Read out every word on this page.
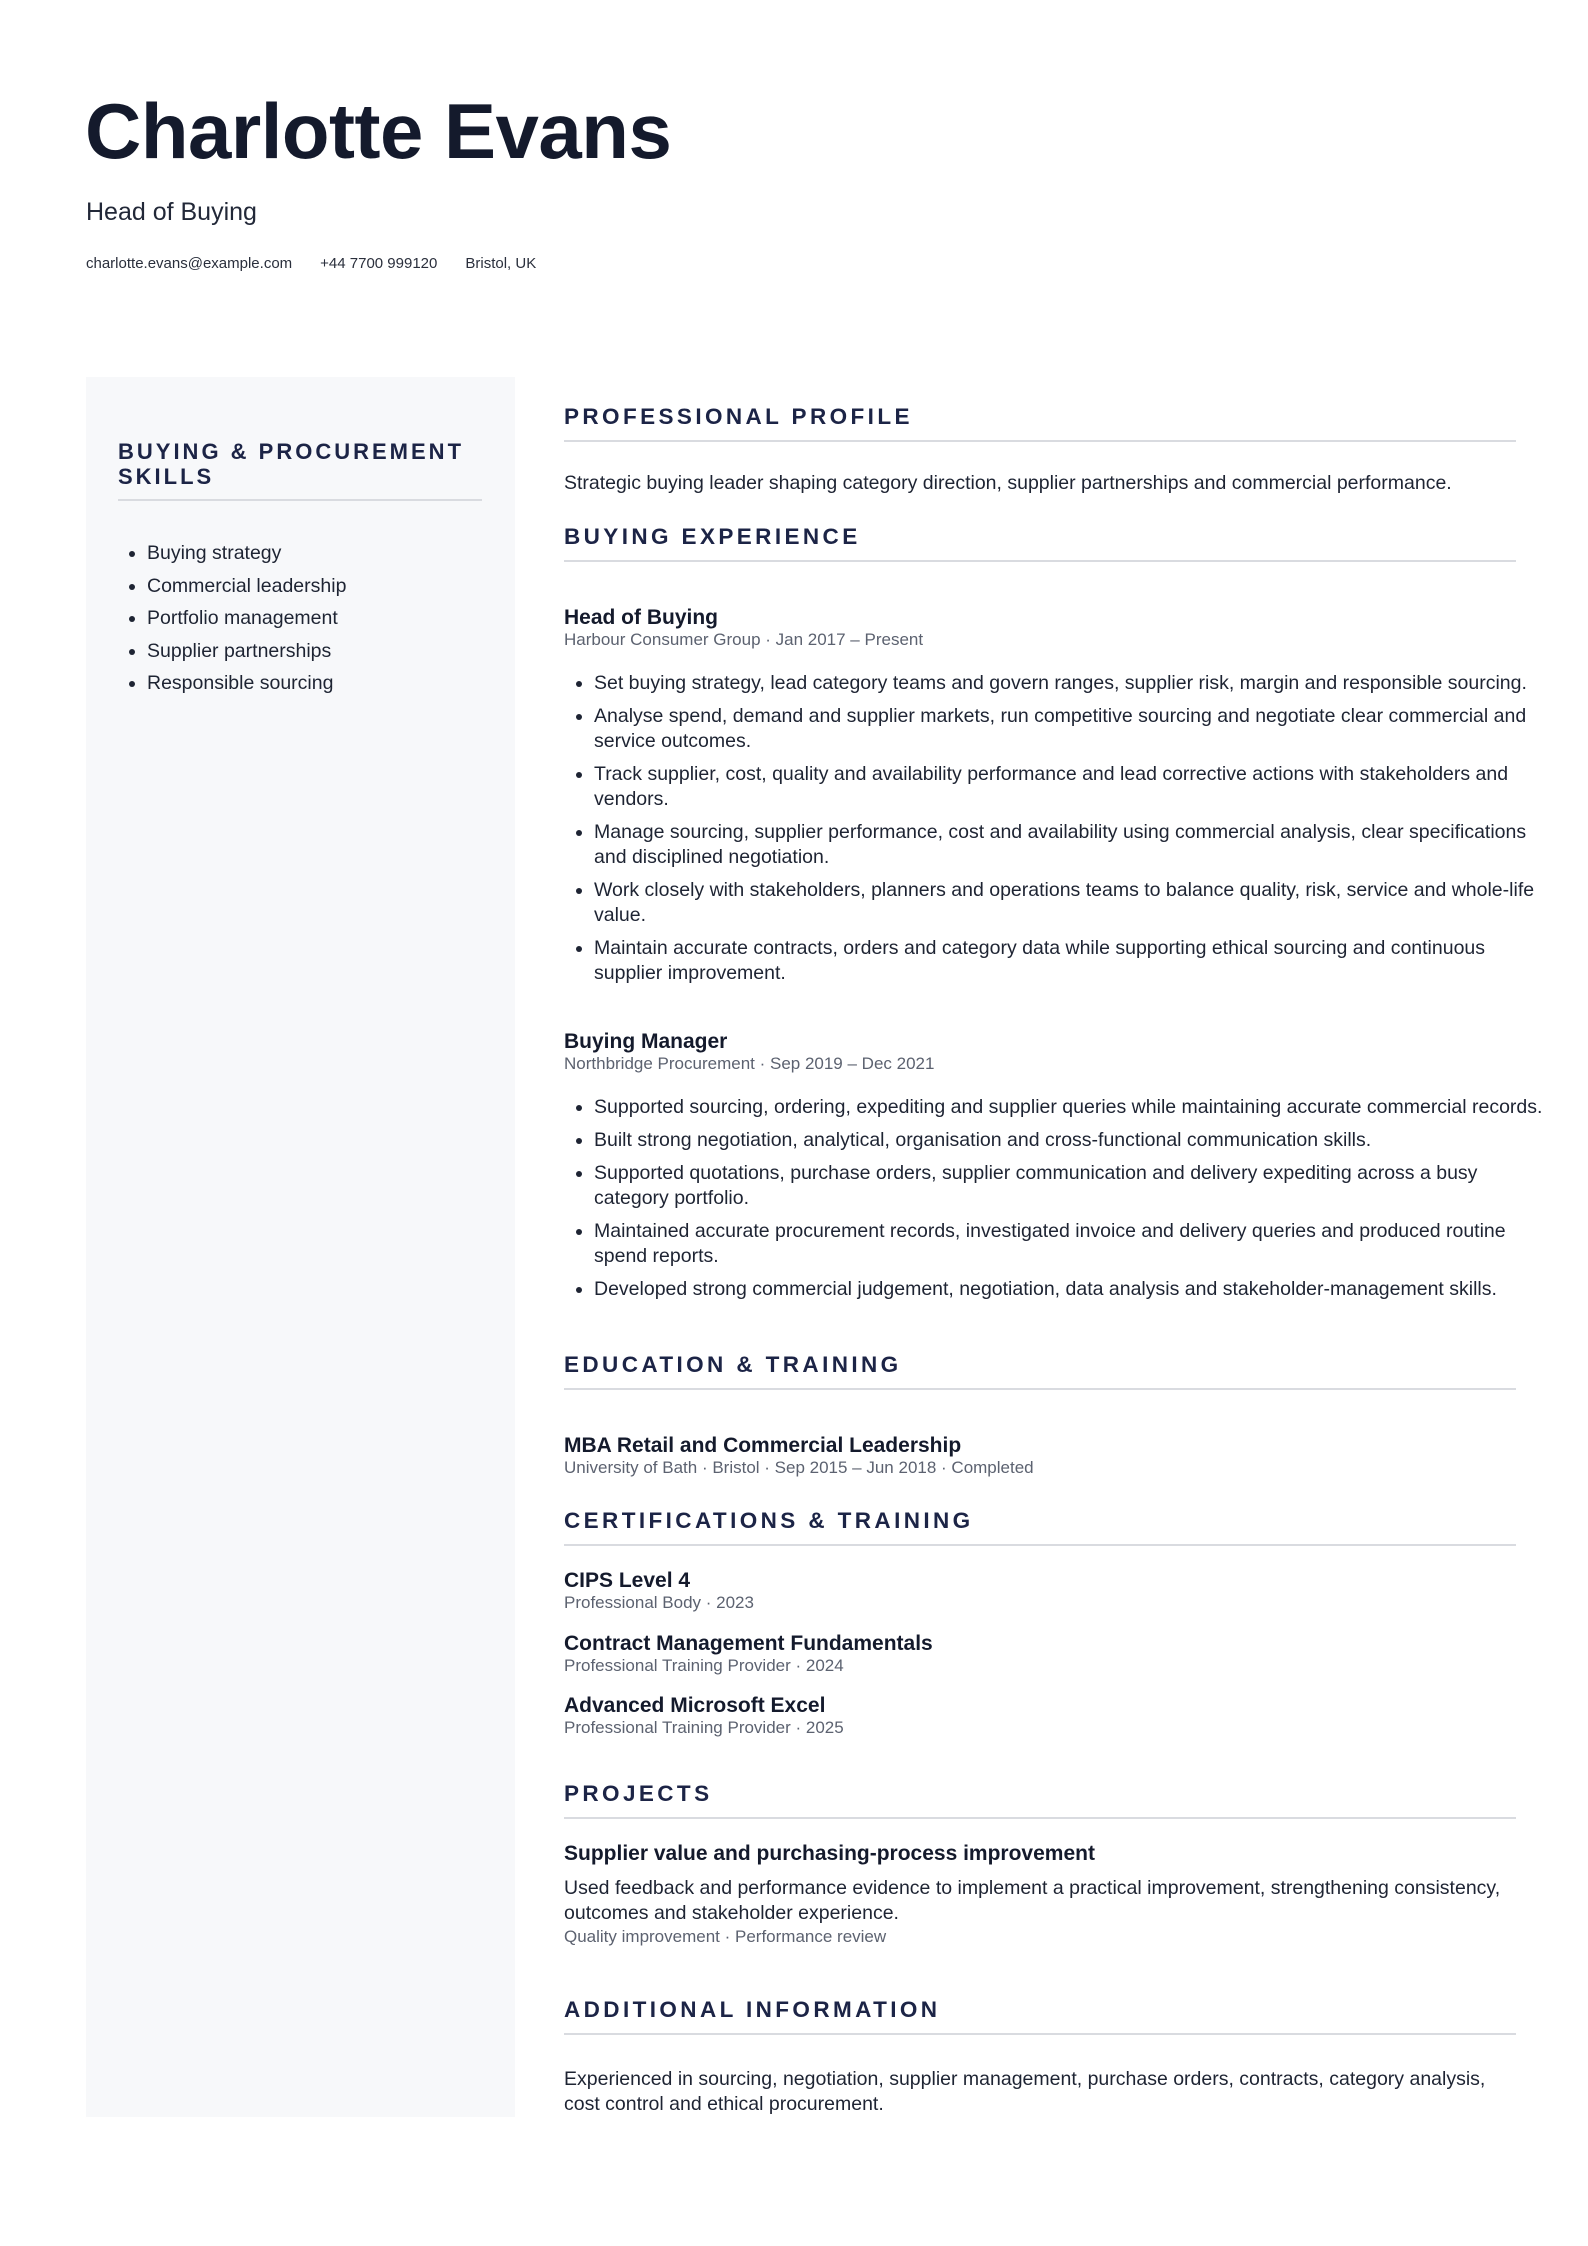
Charlotte Evans
Head of Buying
charlotte.evans@example.com +44 7700 999120 Bristol, UK
BUYING & PROCUREMENT SKILLS
• Buying strategy
• Commercial leadership
• Portfolio management
• Supplier partnerships
• Responsible sourcing
PROFESSIONAL PROFILE
Strategic buying leader shaping category direction, supplier partnerships and commercial performance.
BUYING EXPERIENCE
Head of Buying
Harbour Consumer Group · Jan 2017 – Present
• Set buying strategy, lead category teams and govern ranges, supplier risk, margin and responsible sourcing.
• Analyse spend, demand and supplier markets, run competitive sourcing and negotiate clear commercial and service outcomes.
• Track supplier, cost, quality and availability performance and lead corrective actions with stakeholders and vendors.
• Manage sourcing, supplier performance, cost and availability using commercial analysis, clear specifications and disciplined negotiation.
• Work closely with stakeholders, planners and operations teams to balance quality, risk, service and whole-life value.
• Maintain accurate contracts, orders and category data while supporting ethical sourcing and continuous supplier improvement.
Buying Manager
Northbridge Procurement · Sep 2019 – Dec 2021
• Supported sourcing, ordering, expediting and supplier queries while maintaining accurate commercial records.
• Built strong negotiation, analytical, organisation and cross-functional communication skills.
• Supported quotations, purchase orders, supplier communication and delivery expediting across a busy category portfolio.
• Maintained accurate procurement records, investigated invoice and delivery queries and produced routine spend reports.
• Developed strong commercial judgement, negotiation, data analysis and stakeholder-management skills.
EDUCATION & TRAINING
MBA Retail and Commercial Leadership
University of Bath · Bristol · Sep 2015 – Jun 2018 · Completed
CERTIFICATIONS & TRAINING
CIPS Level 4
Professional Body · 2023
Contract Management Fundamentals
Professional Training Provider · 2024
Advanced Microsoft Excel
Professional Training Provider · 2025
PROJECTS
Supplier value and purchasing-process improvement
Used feedback and performance evidence to implement a practical improvement, strengthening consistency, outcomes and stakeholder experience.
Quality improvement · Performance review
ADDITIONAL INFORMATION
Experienced in sourcing, negotiation, supplier management, purchase orders, contracts, category analysis, cost control and ethical procurement.
